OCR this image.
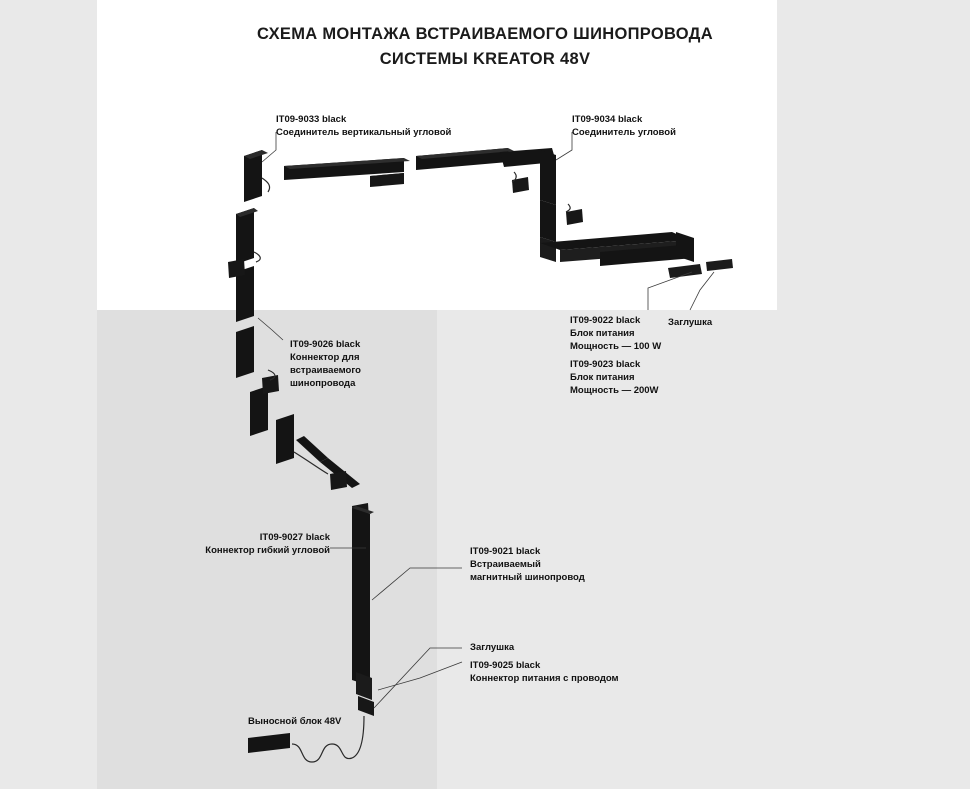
СХЕМА МОНТАЖА ВСТРАИВАЕМОГО ШИНОПРОВОДА
СИСТЕМЫ KREATOR 48V
IT09-9033 black
Соединитель вертикальный угловой
IT09-9034 black
Соединитель угловой
IT09-9022 black
Блок питания
Мощность — 100 W
IT09-9023 black
Блок питания
Мощность — 200W
Заглушка
IT09-9026 black
Коннектор для
встраиваемого
шинопровода
IT09-9027 black
Коннектор гибкий угловой	IT09-9021 black
Встраиваемый
магнитный шинопровод
Заглушка
IT09-9025 black
Коннектор питания с проводом
Выносной блок 48V
